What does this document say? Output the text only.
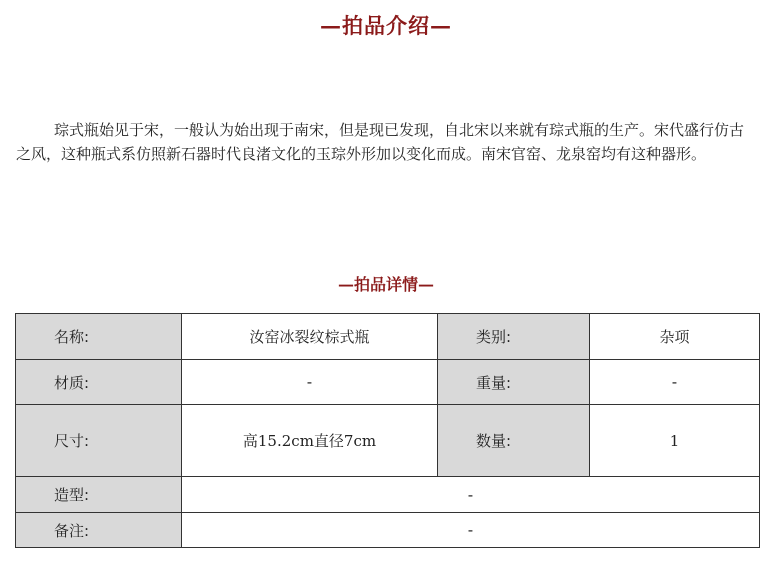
—拍品介绍—

琮式瓶始见于宋，一般认为始出现于南宋，但是现已发现，自北宋以来就有琮式瓶的生产。宋代盛行仿古之风，这种瓶式系仿照新石器时代良渚文化的玉琮外形加以变化而成。南宋官窑、龙泉窑均有这种器形。

—拍品详情—
名称:	汝窑冰裂纹棕式瓶	类别:	杂项
材质:	-	重量:	-
尺寸:	高15.2cm直径7cm	数量:	1
造型:	-		
备注:	-		
